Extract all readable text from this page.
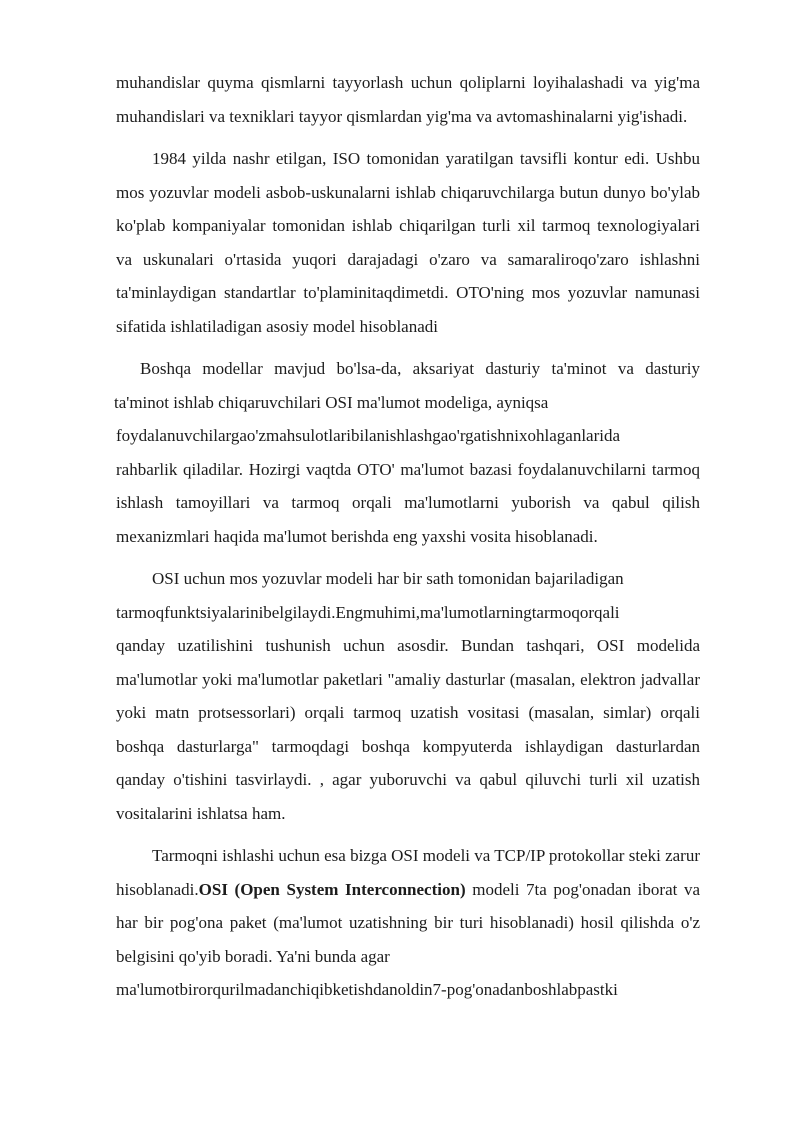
muhandislar quyma qismlarni tayyorlash uchun qoliplarni loyihalashadi va yig'ma muhandislari va texniklari tayyor qismlardan yig'ma va avtomashinalarni yig'ishadi.

1984 yilda nashr etilgan, ISO tomonidan yaratilgan tavsifli kontur edi. Ushbu mos yozuvlar modeli asbob-uskunalarni ishlab chiqaruvchilarga butun dunyo bo'ylab ko'plab kompaniyalar tomonidan ishlab chiqarilgan turli xil tarmoq texnologiyalari va uskunalari o'rtasida yuqori darajadagi o'zaro va samaraliroqo'zaro ishlashni ta'minlaydigan standartlar to'plaminitaqdimetdi. OTO'ning mos yozuvlar namunasi sifatida ishlatiladigan asosiy model hisoblanadi

Boshqa modellar mavjud bo'lsa-da, aksariyat dasturiy ta'minot va dasturiy ta'minot ishlab chiqaruvchilari OSI ma'lumot modeliga, ayniqsa
foydalanuvchilargao'zmahsulotlaribilanishlashgao'rgatishnixohlaganlarida

rahbarlik qiladilar. Hozirgi vaqtda OTO' ma'lumot bazasi foydalanuvchilarni tarmoq ishlash tamoyillari va tarmoq orqali ma'lumotlarni yuborish va qabul qilish mexanizmlari haqida ma'lumot berishda eng yaxshi vosita hisoblanadi.

OSI uchun mos yozuvlar modeli har bir sath tomonidan bajariladigan
tarmoqfunktsiyalarinibelgilaydi.Engmuhimi,ma'lumotlarningtarmoqorqali

qanday uzatilishini tushunish uchun asosdir. Bundan tashqari, OSI modelida ma'lumotlar yoki ma'lumotlar paketlari "amaliy dasturlar (masalan, elektron jadvallar yoki matn protsessorlari) orqali tarmoq uzatish vositasi (masalan, simlar) orqali boshqa dasturlarga" tarmoqdagi boshqa kompyuterda ishlaydigan dasturlardan qanday o'tishini tasvirlaydi. , agar yuboruvchi va qabul qiluvchi turli xil uzatish vositalarini ishlatsa ham.

Tarmoqni ishlashi uchun esa bizga OSI modeli va TCP/IP protokollar steki zarur hisoblanadi.OSI (Open System Interconnection) modeli 7ta pog'onadan iborat va har bir pog'ona paket (ma'lumot uzatishning bir turi hisoblanadi) hosil qilishda o'z belgisini qo'yib boradi. Ya'ni bunda agar

ma'lumotbirorqurilmadanchiqibketishdanoldin7-pog'onadanboshlabpastki
